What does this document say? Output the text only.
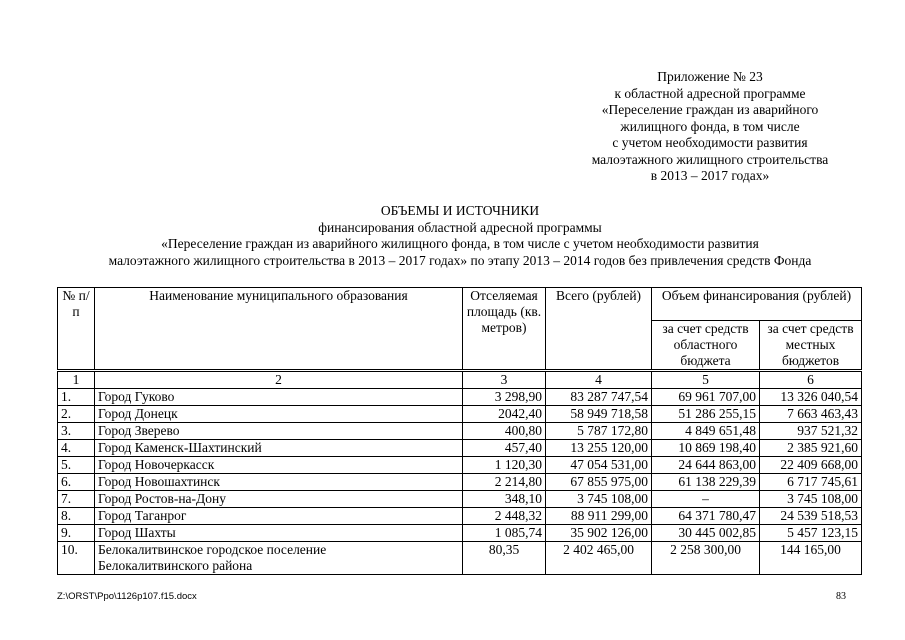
Приложение № 23
к областной адресной программе
«Переселение граждан из аварийного
жилищного фонда, в том числе
с учетом необходимости развития
малоэтажного жилищного строительства
в 2013 – 2017 годах»
ОБЪЕМЫ И ИСТОЧНИКИ
финансирования областной адресной программы
«Переселение граждан из аварийного жилищного фонда, в том числе с учетом необходимости развития
малоэтажного жилищного строительства в 2013 – 2017 годах» по этапу 2013 – 2014 годов без привлечения средств Фонда
№ п/п	Наименование муниципального образования	Отселяемая площадь (кв. метров)	Всего (рублей)	Объем финансирования (рублей)	
				за счет средств областного бюджета	за счет средств местных бюджетов
1	2	3	4	5	6
1.	Город Гуково	3 298,90	83 287 747,54	69 961 707,00	13 326 040,54
2.	Город Донецк	2042,40	58 949 718,58	51 286 255,15	7 663 463,43
3.	Город Зверево	400,80	5 787 172,80	4 849 651,48	937 521,32
4.	Город Каменск-Шахтинский	457,40	13 255 120,00	10 869 198,40	2 385 921,60
5.	Город Новочеркасск	1 120,30	47 054 531,00	24 644 863,00	22 409 668,00
6.	Город Новошахтинск	2 214,80	67 855 975,00	61 138 229,39	6 717 745,61
7.	Город Ростов-на-Дону	348,10	3 745 108,00	–	3 745 108,00
8.	Город Таганрог	2 448,32	88 911 299,00	64 371 780,47	24 539 518,53
9.	Город Шахты	1 085,74	35 902 126,00	30 445 002,85	5 457 123,15
10.	Белокалитвинское городское поселение
Белокалитвинского района	80,35	2 402 465,00	2 258 300,00	144 165,00
Z:\ORST\Ppo\1126p107.f15.docx	83
